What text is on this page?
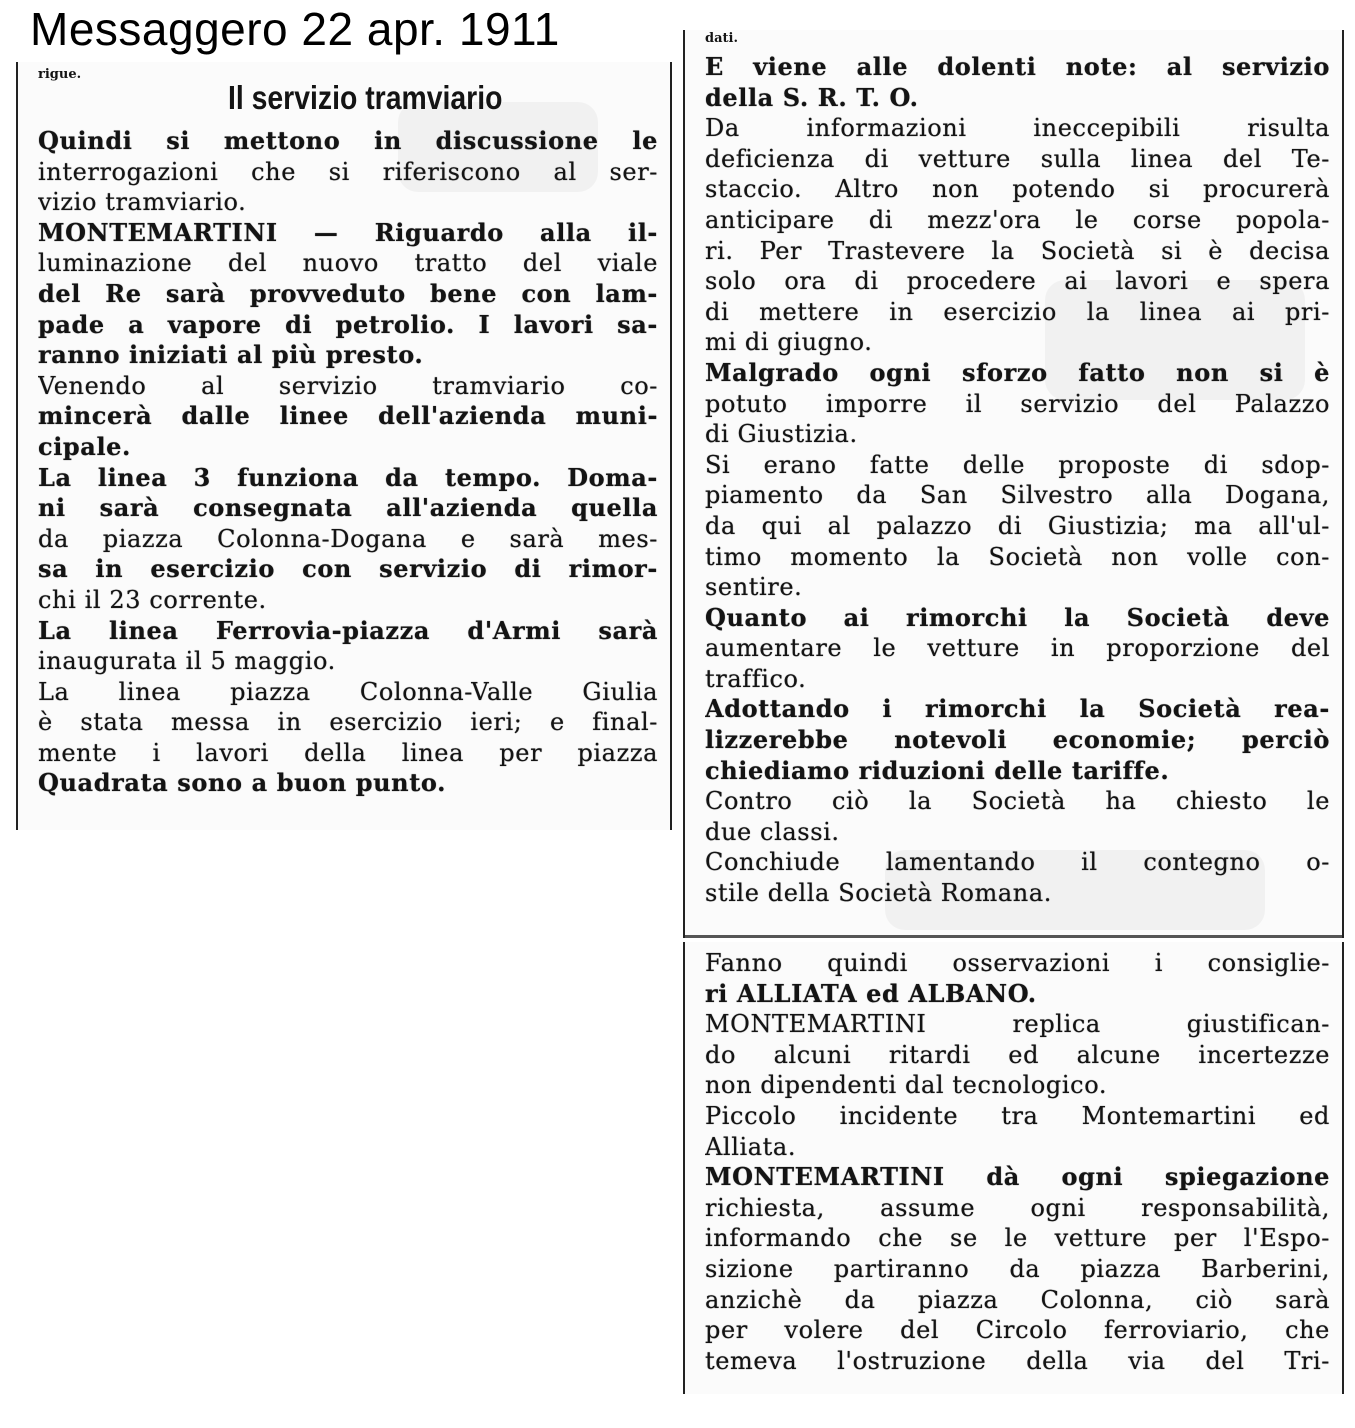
Messaggero 22 apr. 1911
rigue.
Il servizio tramviario
Quindi si mettono in discussione le
interrogazioni che si riferiscono al ser-
vizio tramviario.
MONTEMARTINI — Riguardo alla il-
luminazione del nuovo tratto del viale
del Re sarà provveduto bene con lam-
pade a vapore di petrolio. I lavori sa-
ranno iniziati al più presto.
Venendo al servizio tramviario co-
mincerà dalle linee dell'azienda muni-
cipale.
La linea 3 funziona da tempo. Doma-
ni sarà consegnata all'azienda quella
da piazza Colonna-Dogana e sarà mes-
sa in esercizio con servizio di rimor-
chi il 23 corrente.
La linea Ferrovia-piazza d'Armi sarà
inaugurata il 5 maggio.
La linea piazza Colonna-Valle Giulia
è stata messa in esercizio ieri; e final-
mente i lavori della linea per piazza
Quadrata sono a buon punto.
dati.
E viene alle dolenti note: al servizio
della S. R. T. O.
Da informazioni ineccepibili risulta
deficienza di vetture sulla linea del Te-
staccio. Altro non potendo si procurerà
anticipare di mezz'ora le corse popola-
ri. Per Trastevere la Società si è decisa
solo ora di procedere ai lavori e spera
di mettere in esercizio la linea ai pri-
mi di giugno.
Malgrado ogni sforzo fatto non si è
potuto imporre il servizio del Palazzo
di Giustizia.
Si erano fatte delle proposte di sdop-
piamento da San Silvestro alla Dogana,
da qui al palazzo di Giustizia; ma all'ul-
timo momento la Società non volle con-
sentire.
Quanto ai rimorchi la Società deve
aumentare le vetture in proporzione del
traffico.
Adottando i rimorchi la Società rea-
lizzerebbe notevoli economie; perciò
chiediamo riduzioni delle tariffe.
Contro ciò la Società ha chiesto le
due classi.
Conchiude lamentando il contegno o-
stile della Società Romana.
Fanno quindi osservazioni i consiglie-
ri ALLIATA ed ALBANO.
MONTEMARTINI replica giustifican-
do alcuni ritardi ed alcune incertezze
non dipendenti dal tecnologico.
Piccolo incidente tra Montemartini ed
Alliata.
MONTEMARTINI dà ogni spiegazione
richiesta, assume ogni responsabilità,
informando che se le vetture per l'Espo-
sizione partiranno da piazza Barberini,
anzichè da piazza Colonna, ciò sarà
per volere del Circolo ferroviario, che
temeva l'ostruzione della via del Tri-
